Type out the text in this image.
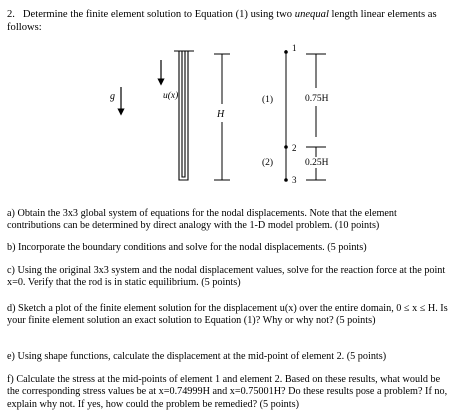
2. Determine the finite element solution to Equation (1) using two unequal length linear elements as follows:
g	u(x)
H
1
2
3
(1)
(2)
0.75H
0.25H
a) Obtain the 3x3 global system of equations for the nodal displacements. Note that the element contributions can be determined by direct analogy with the 1-D model problem. (10 points)
b) Incorporate the boundary conditions and solve for the nodal displacements. (5 points)
c) Using the original 3x3 system and the nodal displacement values, solve for the reaction force at the point x=0. Verify that the rod is in static equilibrium. (5 points)
d) Sketch a plot of the finite element solution for the displacement u(x) over the entire domain, 0 ≤ x ≤ H. Is your finite element solution an exact solution to Equation (1)? Why or why not? (5 points)
e) Using shape functions, calculate the displacement at the mid-point of element 2. (5 points)
f) Calculate the stress at the mid-points of element 1 and element 2. Based on these results, what would be the corresponding stress values be at x=0.74999H and x=0.75001H? Do these results pose a problem? If no, explain why not. If yes, how could the problem be remedied? (5 points)
